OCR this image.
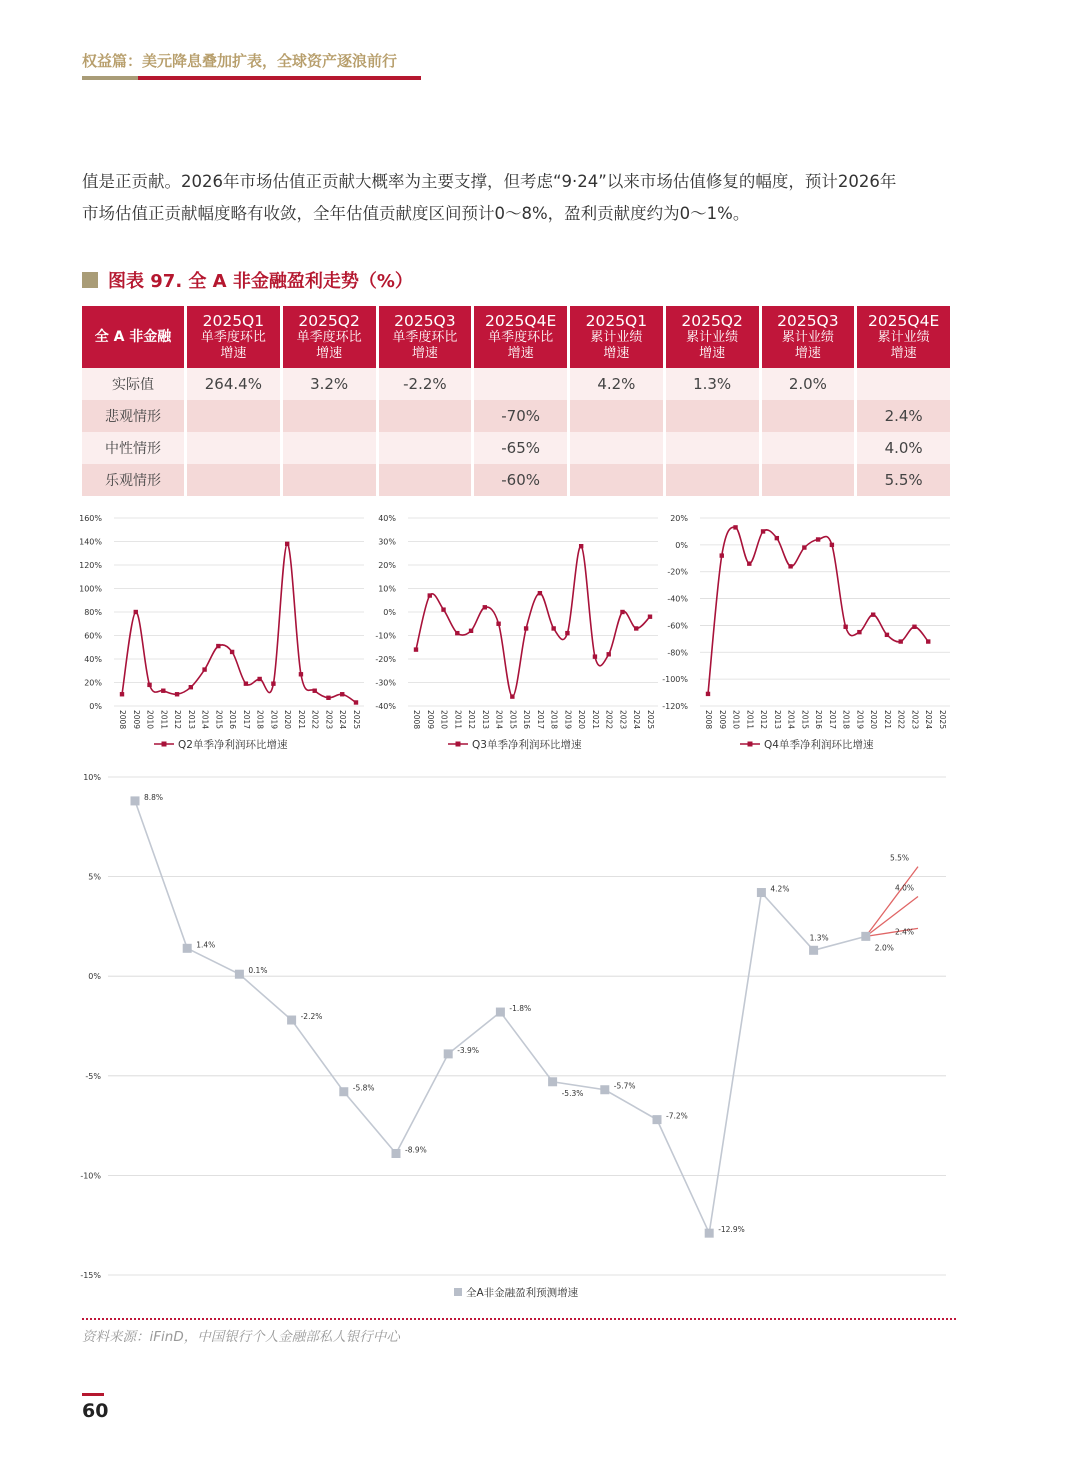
权益篇：美元降息叠加扩表，全球资产逐浪前行
值是正贡献。2026年市场估值正贡献大概率为主要支撑，但考虑“9·24”以来市场估值修复的幅度，预计2026年
市场估值正贡献幅度略有收敛，全年估值贡献度区间预计0～8%，盈利贡献度约为0～1%。
图表 97. 全 A 非金融盈利走势（%）
全 A 非金融	2025Q1
单季度环比
增速	2025Q2
单季度环比
增速	2025Q3
单季度环比
增速	2025Q4E
单季度环比
增速	2025Q1
累计业绩
增速	2025Q2
累计业绩
增速	2025Q3
累计业绩
增速	2025Q4E
累计业绩
增速
实际值	264.4%	3.2%	-2.2%		4.2%	1.3%	2.0%	
悲观情形				-70%				2.4%
中性情形				-65%				4.0%
乐观情形				-60%				5.5%
0%
20%
40%
60%
80%
100%
120%
140%
160%
2008 2009 2010 2011 2012 2013 2014 2015 2016 2017 2018 2019 2020 2021 2022 2023 2024 2025
Q2单季净利润环比增速
-40%
-30%
-20%
-10%
0%
10%
20%
30%
40%
2008 2009 2010 2011 2012 2013 2014 2015 2016 2017 2018 2019 2020 2021 2022 2023 2024 2025
Q3单季净利润环比增速
-120%
-100%
-80%
-60%
-40%
-20%
0%
20%
2008 2009 2010 2011 2012 2013 2014 2015 2016 2017 2018 2019 2020 2021 2022 2023 2024 2025
Q4单季净利润环比增速
-15%
-10%
-5%
0%
5%
10%
5.5%
4.0%
2.4%
8.8%
1.4%
0.1%
-2.2%
-5.8%
-8.9%
-3.9%
-1.8%
-5.3%
-5.7%
-7.2%
-12.9%
4.2%
1.3%
2.0%
全A非金融盈利预测增速
资料来源：iFinD，中国银行个人金融部私人银行中心
60
